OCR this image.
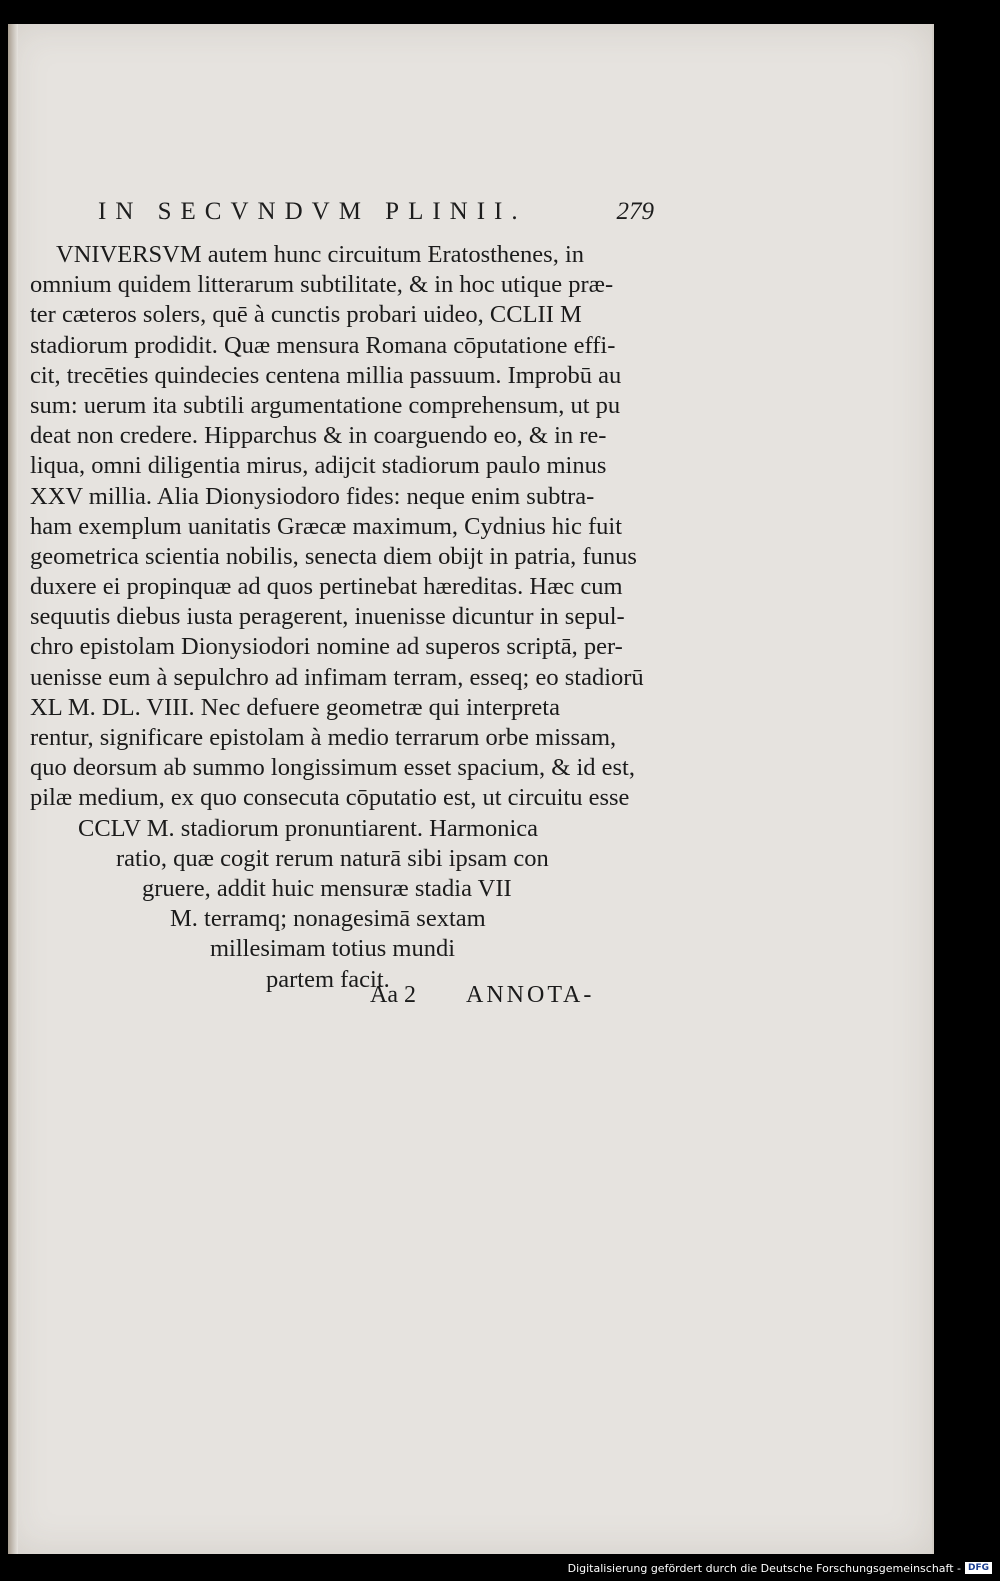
IN SECVNDVM PLINII.	279
VNIVERSVM autem hunc circuitum Eratosthenes, in
omnium quidem litterarum subtilitate, & in hoc utique præ-
ter cæteros solers, quē à cunctis probari uideo, CCLII M
stadiorum prodidit. Quæ mensura Romana cōputatione effi-
cit, trecēties quindecies centena millia passuum. Improbū au
sum: uerum ita subtili argumentatione comprehensum, ut pu
deat non credere. Hipparchus & in coarguendo eo, & in re-
liqua, omni diligentia mirus, adijcit stadiorum paulo minus
XXV millia. Alia Dionysiodoro fides: neque enim subtra-
ham exemplum uanitatis Græcæ maximum, Cydnius hic fuit
geometrica scientia nobilis, senecta diem obijt in patria, funus
duxere ei propinquæ ad quos pertinebat hæreditas. Hæc cum
sequutis diebus iusta peragerent, inuenisse dicuntur in sepul-
chro epistolam Dionysiodori nomine ad superos scriptā, per-
uenisse eum à sepulchro ad infimam terram, esseq; eo stadiorū
XL M. DL. VIII. Nec defuere geometræ qui interpreta
rentur, significare epistolam à medio terrarum orbe missam,
quo deorsum ab summo longissimum esset spacium, & id est,
pilæ medium, ex quo consecuta cōputatio est, ut circuitu esse
CCLV M. stadiorum pronuntiarent. Harmonica
ratio, quæ cogit rerum naturā sibi ipsam con
gruere, addit huic mensuræ stadia VII
M. terramq; nonagesimā sextam
millesimam totius mundi
partem facit.
Aa 2 ANNOTA-
Digitalisierung gefördert durch die Deutsche Forschungsgemeinschaft - DFG
